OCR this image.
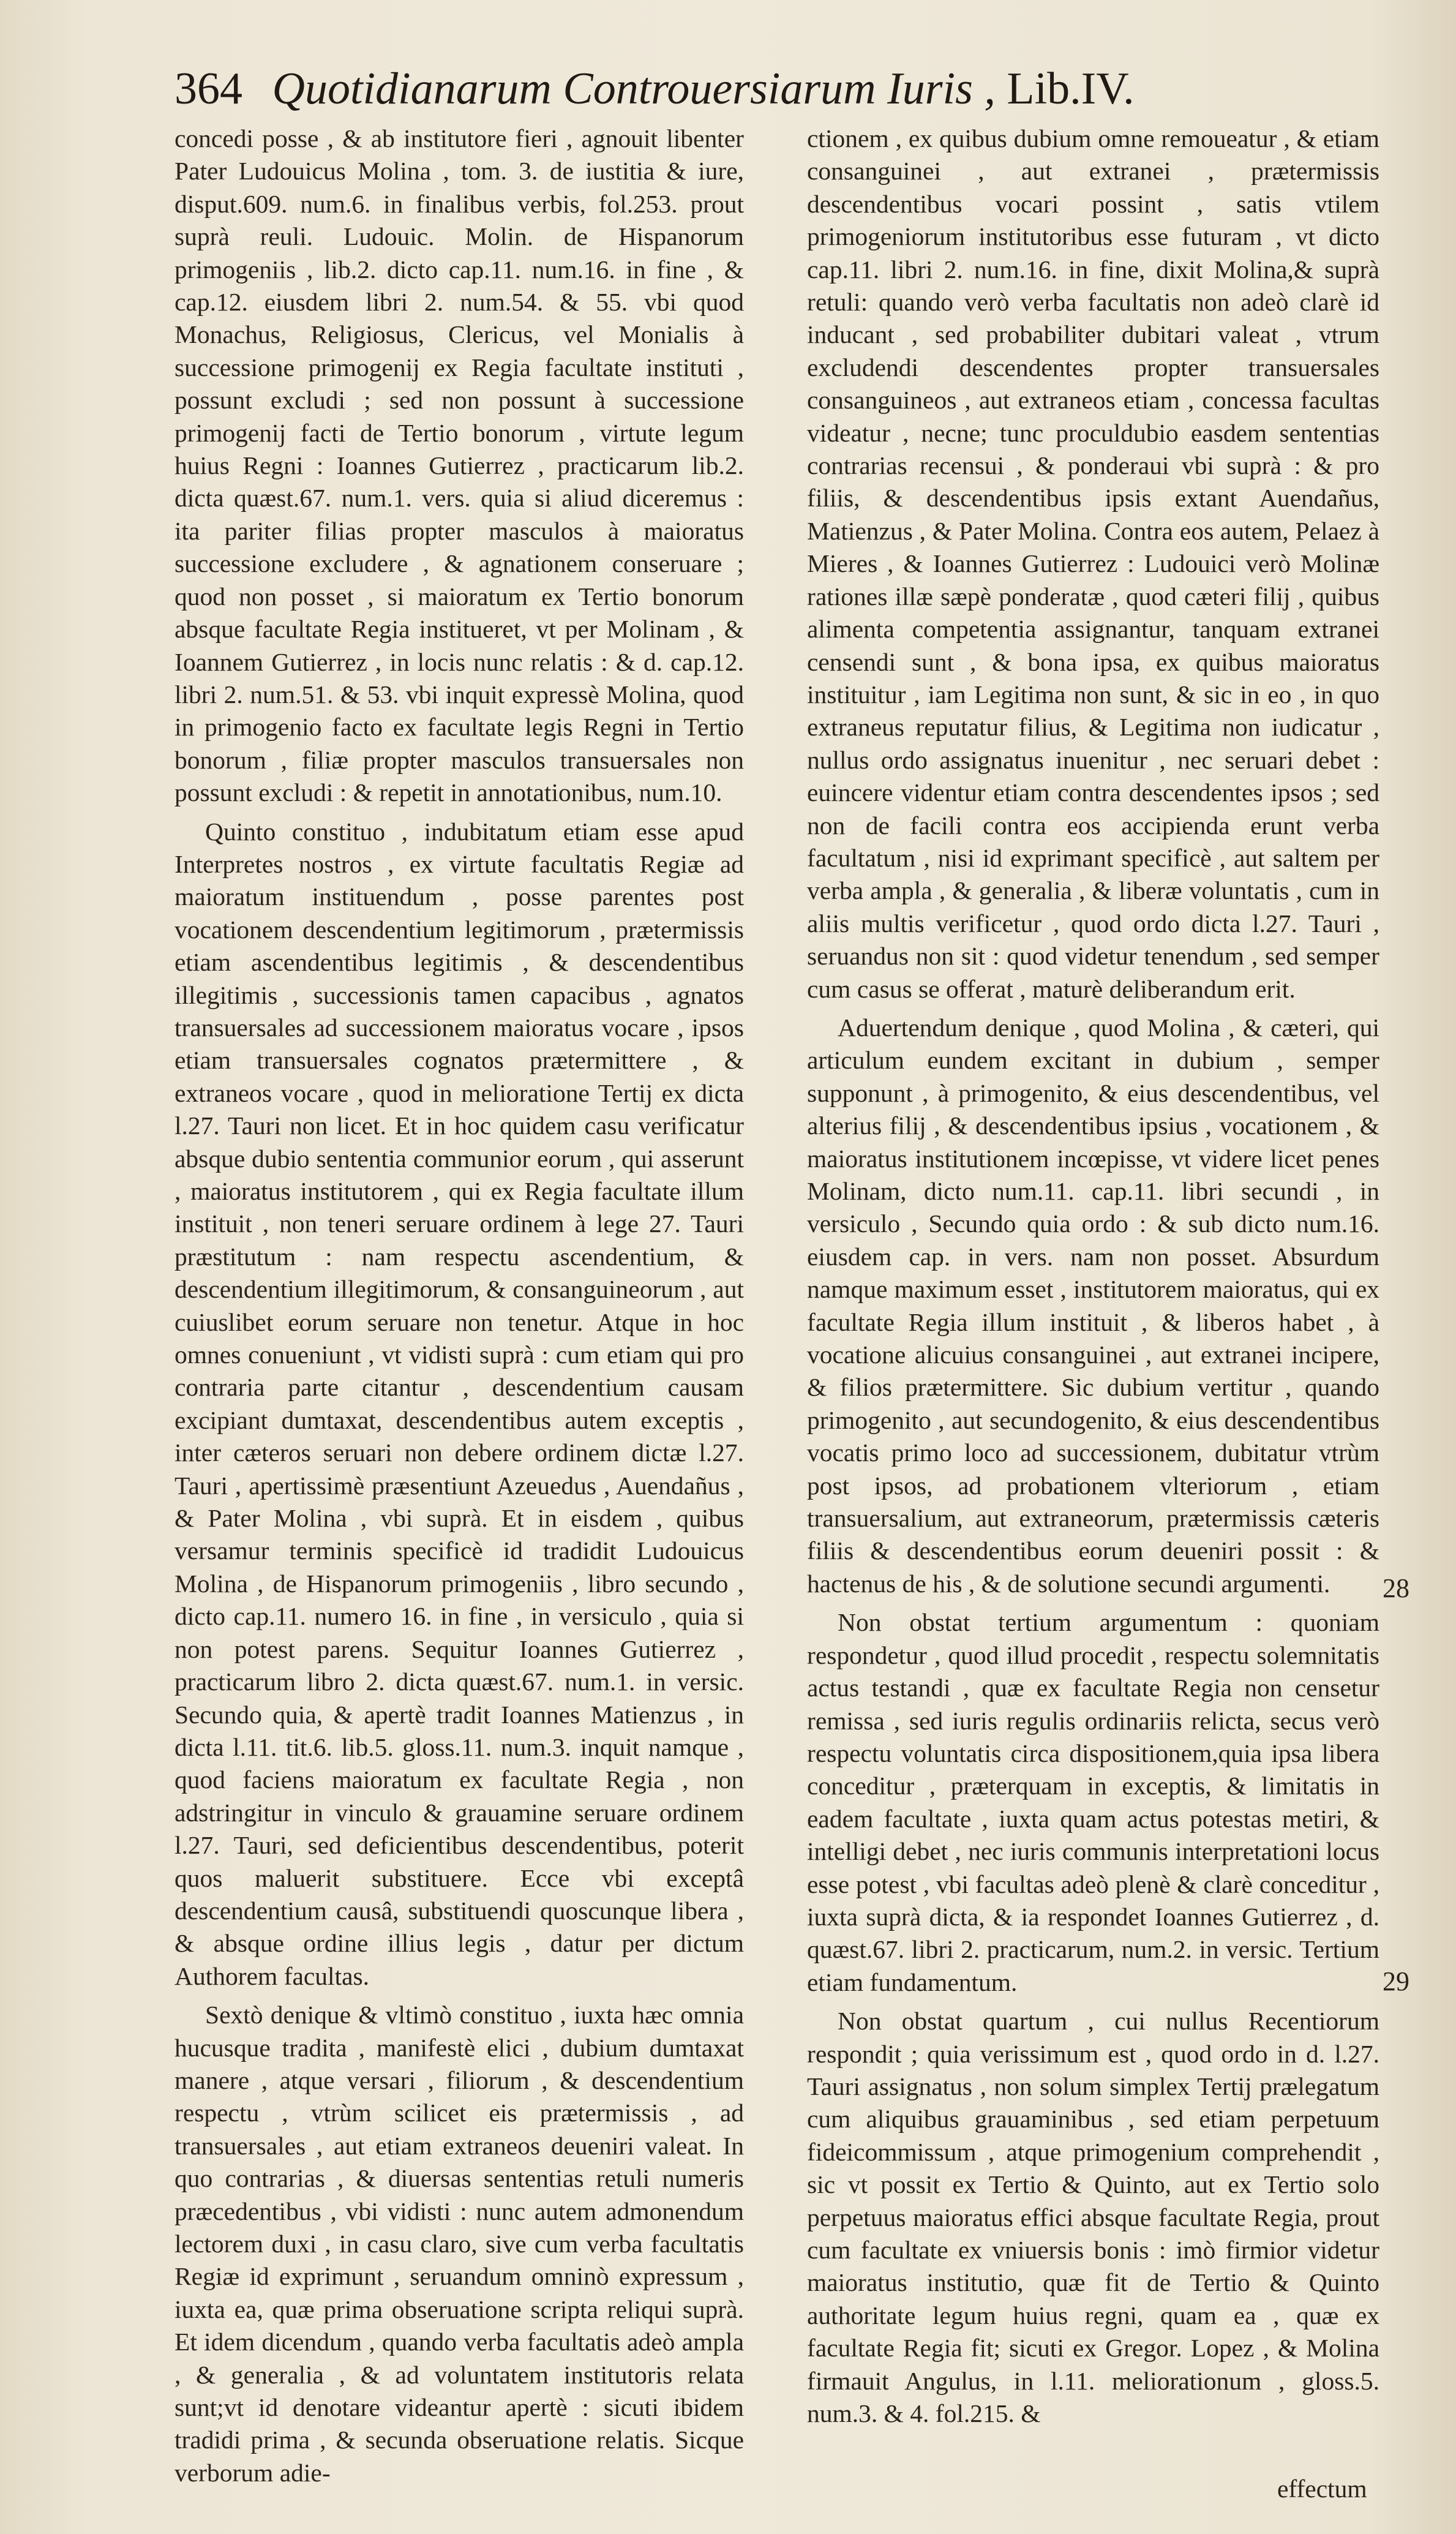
364 Quotidianarum Controuersiarum Iuris , Lib.IV.

concedi posse , & ab institutore fieri , agnouit libenter Pater Ludouicus Molina , tom. 3. de iustitia & iure, disput.609. num.6. in finalibus verbis, fol.253. prout suprà reuli. Ludouic. Molin. de Hispanorum primogeniis , lib.2. dicto cap.11. num.16. in fine , & cap.12. eiusdem libri 2. num.54. & 55. vbi quod Monachus, Religiosus, Clericus, vel Monialis à successione primogenij ex Regia facultate instituti , possunt excludi ; sed non possunt à successione primogenij facti de Tertio bonorum , virtute legum huius Regni : Ioannes Gutierrez , practicarum lib.2. dicta quæst.67. num.1. vers. quia si aliud diceremus : ita pariter filias propter masculos à maioratus successione excludere , & agnationem conseruare ; quod non posset , si maioratum ex Tertio bonorum absque facultate Regia institueret, vt per Molinam , & Ioannem Gutierrez , in locis nunc relatis : & d. cap.12. libri 2. num.51. & 53. vbi inquit expressè Molina, quod in primogenio facto ex facultate legis Regni in Tertio bonorum , filiæ propter masculos transuersales non possunt excludi : & repetit in annotationibus, num.10.

Quinto constituo , indubitatum etiam esse apud Interpretes nostros , ex virtute facultatis Regiæ ad maioratum instituendum , posse parentes post vocationem descendentium legitimorum , prætermissis etiam ascendentibus legitimis , & descendentibus illegitimis , successionis tamen capacibus , agnatos transuersales ad successionem maioratus vocare , ipsos etiam transuersales cognatos prætermittere , & extraneos vocare , quod in melioratione Tertij ex dicta l.27. Tauri non licet. Et in hoc quidem casu verificatur absque dubio sententia communior eorum , qui asserunt , maioratus institutorem , qui ex Regia facultate illum instituit , non teneri seruare ordinem à lege 27. Tauri præstitutum : nam respectu ascendentium, & descendentium illegitimorum, & consanguineorum , aut cuiuslibet eorum seruare non tenetur. Atque in hoc omnes conueniunt , vt vidisti suprà : cum etiam qui pro contraria parte citantur , descendentium causam excipiant dumtaxat, descendentibus autem exceptis , inter cæteros seruari non debere ordinem dictæ l.27. Tauri , apertissimè præsentiunt Azeuedus , Auendañus , & Pater Molina , vbi suprà. Et in eisdem , quibus versamur terminis specificè id tradidit Ludouicus Molina , de Hispanorum primogeniis , libro secundo , dicto cap.11. numero 16. in fine , in versiculo , quia si non potest parens. Sequitur Ioannes Gutierrez , practicarum libro 2. dicta quæst.67. num.1. in versic. Secundo quia, & apertè tradit Ioannes Matienzus , in dicta l.11. tit.6. lib.5. gloss.11. num.3. inquit namque , quod faciens maioratum ex facultate Regia , non adstringitur in vinculo & grauamine seruare ordinem l.27. Tauri, sed deficientibus descendentibus, poterit quos maluerit substituere. Ecce vbi exceptâ descendentium causâ, substituendi quoscunque libera , & absque ordine illius legis , datur per dictum Authorem facultas.

Sextò denique & vltimò constituo , iuxta hæc omnia hucusque tradita , manifestè elici , dubium dumtaxat manere , atque versari , filiorum , & descendentium respectu , vtrùm scilicet eis prætermissis , ad transuersales , aut etiam extraneos deueniri valeat. In quo contrarias , & diuersas sententias retuli numeris præcedentibus , vbi vidisti : nunc autem admonendum lectorem duxi , in casu claro, sive cum verba facultatis Regiæ id exprimunt , seruandum omninò expressum , iuxta ea, quæ prima obseruatione scripta reliqui suprà. Et idem dicendum , quando verba facultatis adeò ampla , & generalia , & ad voluntatem institutoris relata sunt;vt id denotare videantur apertè : sicuti ibidem tradidi prima , & secunda obseruatione relatis. Sicque verborum adie-

ctionem , ex quibus dubium omne remoueatur , & etiam consanguinei , aut extranei , prætermissis descendentibus vocari possint , satis vtilem primogeniorum institutoribus esse futuram , vt dicto cap.11. libri 2. num.16. in fine, dixit Molina,& suprà retuli: quando verò verba facultatis non adeò clarè id inducant , sed probabiliter dubitari valeat , vtrum excludendi descendentes propter transuersales consanguineos , aut extraneos etiam , concessa facultas videatur , necne; tunc proculdubio easdem sententias contrarias recensui , & ponderaui vbi suprà : & pro filiis, & descendentibus ipsis extant Auendañus, Matienzus , & Pater Molina. Contra eos autem, Pelaez à Mieres , & Ioannes Gutierrez : Ludouici verò Molinæ rationes illæ sæpè ponderatæ , quod cæteri filij , quibus alimenta competentia assignantur, tanquam extranei censendi sunt , & bona ipsa, ex quibus maioratus instituitur , iam Legitima non sunt, & sic in eo , in quo extraneus reputatur filius, & Legitima non iudicatur , nullus ordo assignatus inuenitur , nec seruari debet : euincere videntur etiam contra descendentes ipsos ; sed non de facili contra eos accipienda erunt verba facultatum , nisi id exprimant specificè , aut saltem per verba ampla , & generalia , & liberæ voluntatis , cum in aliis multis verificetur , quod ordo dicta l.27. Tauri , seruandus non sit : quod videtur tenendum , sed semper cum casus se offerat , maturè deliberandum erit.

Aduertendum denique , quod Molina , & cæteri, qui articulum eundem excitant in dubium , semper supponunt , à primogenito, & eius descendentibus, vel alterius filij , & descendentibus ipsius , vocationem , & maioratus institutionem incœpisse, vt videre licet penes Molinam, dicto num.11. cap.11. libri secundi , in versiculo , Secundo quia ordo : & sub dicto num.16. eiusdem cap. in vers. nam non posset. Absurdum namque maximum esset , institutorem maioratus, qui ex facultate Regia illum instituit , & liberos habet , à vocatione alicuius consanguinei , aut extranei incipere, & filios prætermittere. Sic dubium vertitur , quando primogenito , aut secundogenito, & eius descendentibus vocatis primo loco ad successionem, dubitatur vtrùm post ipsos, ad probationem vlteriorum , etiam transuersalium, aut extraneorum, prætermissis cæteris filiis & descendentibus eorum deueniri possit : & hactenus de his , & de solutione secundi argumenti.

Non obstat tertium argumentum : quoniam respondetur , quod illud procedit , respectu solemnitatis actus testandi , quæ ex facultate Regia non censetur remissa , sed iuris regulis ordinariis relicta, secus verò respectu voluntatis circa dispositionem,quia ipsa libera conceditur , præterquam in exceptis, & limitatis in eadem facultate , iuxta quam actus potestas metiri, & intelligi debet , nec iuris communis interpretationi locus esse potest , vbi facultas adeò plenè & clarè conceditur , iuxta suprà dicta, & ia respondet Ioannes Gutierrez , d. quæst.67. libri 2. practicarum, num.2. in versic. Tertium etiam fundamentum.

Non obstat quartum , cui nullus Recentiorum respondit ; quia verissimum est , quod ordo in d. l.27. Tauri assignatus , non solum simplex Tertij prælegatum cum aliquibus grauaminibus , sed etiam perpetuum fideicommissum , atque primogenium comprehendit , sic vt possit ex Tertio & Quinto, aut ex Tertio solo perpetuus maioratus effici absque facultate Regia, prout cum facultate ex vniuersis bonis : imò firmior videtur maioratus institutio, quæ fit de Tertio & Quinto authoritate legum huius regni, quam ea , quæ ex facultate Regia fit; sicuti ex Gregor. Lopez , & Molina firmauit Angulus, in l.11. meliorationum , gloss.5. num.3. & 4. fol.215. &

28
29
effectum
